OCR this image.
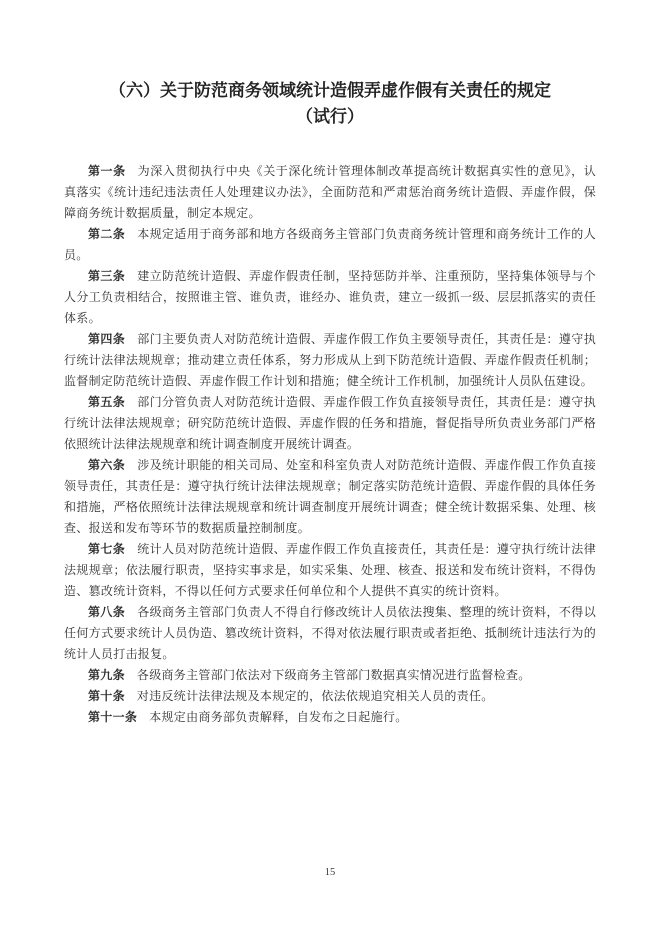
（六）关于防范商务领域统计造假弄虚作假有关责任的规定
（试行）

第一条 为深入贯彻执行中央《关于深化统计管理体制改革提高统计数据真实性的意见》，认真落实《统计违纪违法责任人处理建议办法》，全面防范和严肃惩治商务统计造假、弄虚作假，保障商务统计数据质量，制定本规定。

第二条 本规定适用于商务部和地方各级商务主管部门负责商务统计管理和商务统计工作的人员。

第三条 建立防范统计造假、弄虚作假责任制，坚持惩防并举、注重预防，坚持集体领导与个人分工负责相结合，按照谁主管、谁负责，谁经办、谁负责，建立一级抓一级、层层抓落实的责任体系。

第四条 部门主要负责人对防范统计造假、弄虚作假工作负主要领导责任，其责任是：遵守执行统计法律法规规章；推动建立责任体系，努力形成从上到下防范统计造假、弄虚作假责任机制；监督制定防范统计造假、弄虚作假工作计划和措施；健全统计工作机制，加强统计人员队伍建设。

第五条 部门分管负责人对防范统计造假、弄虚作假工作负直接领导责任，其责任是：遵守执行统计法律法规规章；研究防范统计造假、弄虚作假的任务和措施，督促指导所负责业务部门严格依照统计法律法规规章和统计调查制度开展统计调查。

第六条 涉及统计职能的相关司局、处室和科室负责人对防范统计造假、弄虚作假工作负直接领导责任，其责任是：遵守执行统计法律法规规章；制定落实防范统计造假、弄虚作假的具体任务和措施，严格依照统计法律法规规章和统计调查制度开展统计调查；健全统计数据采集、处理、核查、报送和发布等环节的数据质量控制制度。

第七条 统计人员对防范统计造假、弄虚作假工作负直接责任，其责任是：遵守执行统计法律法规规章；依法履行职责，坚持实事求是，如实采集、处理、核查、报送和发布统计资料，不得伪造、篡改统计资料，不得以任何方式要求任何单位和个人提供不真实的统计资料。

第八条 各级商务主管部门负责人不得自行修改统计人员依法搜集、整理的统计资料，不得以任何方式要求统计人员伪造、篡改统计资料，不得对依法履行职责或者拒绝、抵制统计违法行为的统计人员打击报复。

第九条 各级商务主管部门依法对下级商务主管部门数据真实情况进行监督检查。

第十条 对违反统计法律法规及本规定的，依法依规追究相关人员的责任。

第十一条 本规定由商务部负责解释，自发布之日起施行。

15
